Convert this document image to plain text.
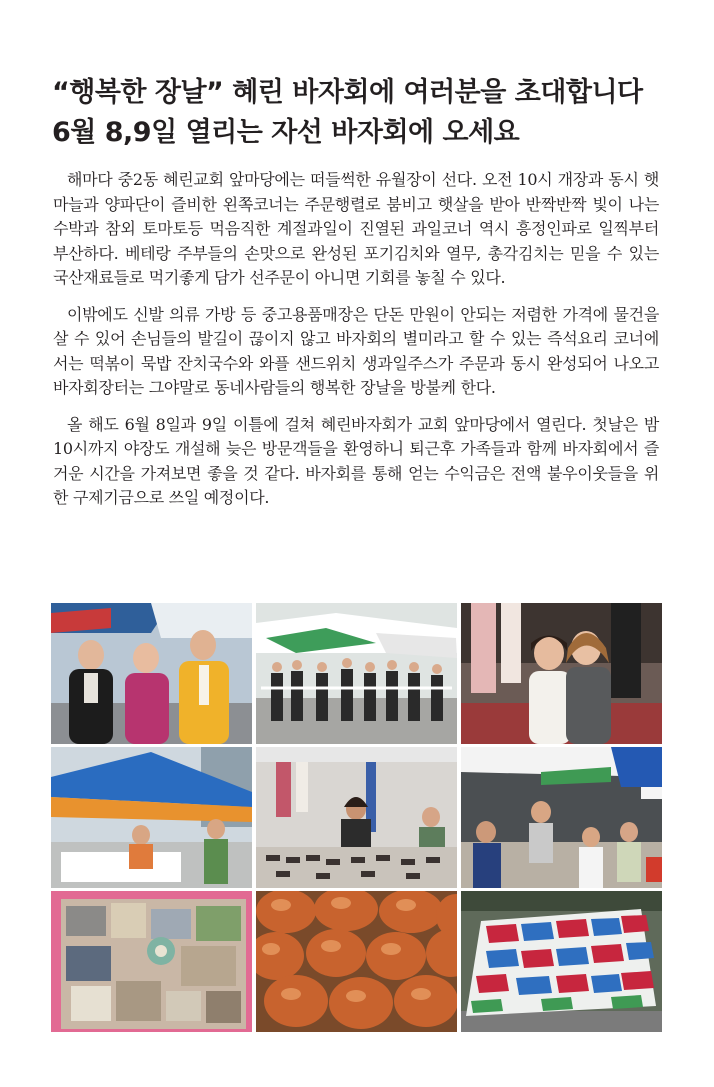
“행복한 장날” 혜린 바자회에 여러분을 초대합니다
6월 8,9일 열리는 자선 바자회에 오세요

해마다 중2동 혜린교회 앞마당에는 떠들썩한 유월장이 선다. 오전 10시 개장과 동시 햇마늘과 양파단이 즐비한 왼쪽코너는 주문행렬로 붐비고 햇살을 받아 반짝반짝 빛이 나는 수박과 참외 토마토등 먹음직한 계절과일이 진열된 과일코너 역시 흥정인파로 일찍부터 부산하다. 베테랑 주부들의 손맛으로 완성된 포기김치와 열무, 총각김치는 믿을 수 있는 국산재료들로 먹기좋게 담가 선주문이 아니면 기회를 놓칠 수 있다.

이밖에도 신발 의류 가방 등 중고용품매장은 단돈 만원이 안되는 저렴한 가격에 물건을 살 수 있어 손님들의 발길이 끊이지 않고 바자회의 별미라고 할 수 있는 즉석요리 코너에서는 떡볶이 묵밥 잔치국수와 와플 샌드위치 생과일주스가 주문과 동시 완성되어 나오고 바자회장터는 그야말로 동네사람들의 행복한 장날을 방불케 한다.

올 해도 6월 8일과 9일 이틀에 걸쳐 혜린바자회가 교회 앞마당에서 열린다. 첫날은 밤 10시까지 야장도 개설해 늦은 방문객들을 환영하니 퇴근후 가족들과 함께 바자회에서 즐거운 시간을 가져보면 좋을 것 같다. 바자회를 통해 얻는 수익금은 전액 불우이웃들을 위한 구제기금으로 쓰일 예정이다.
